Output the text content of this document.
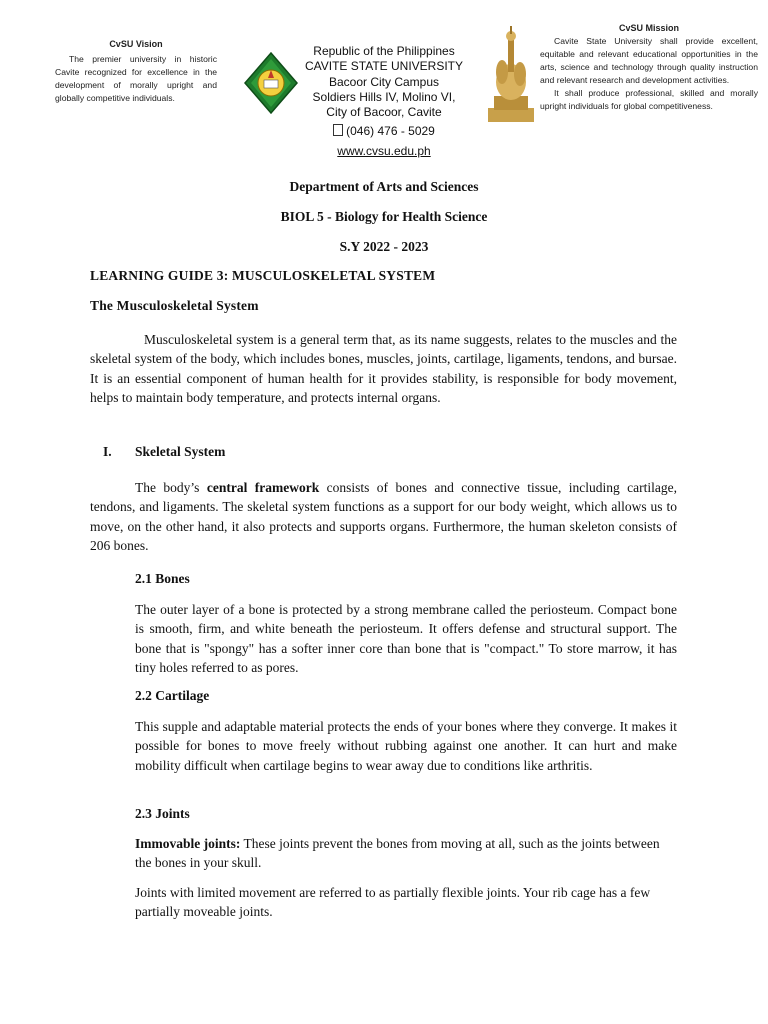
CvSU Vision
The premier university in historic Cavite recognized for excellence in the development of morally upright and globally competitive individuals.
Republic of the Philippines
CAVITE STATE UNIVERSITY
Bacoor City Campus
Soldiers Hills IV, Molino VI,
City of Bacoor, Cavite
(046) 476 - 5029
www.cvsu.edu.ph
CvSU Mission

Cavite State University shall provide excellent, equitable and relevant educational opportunities in the arts, science and technology through quality instruction and relevant research and development activities.

It shall produce professional, skilled and morally upright individuals for global competitiveness.

Department of Arts and Sciences
BIOL 5 - Biology for Health Science
S.Y 2022 - 2023
LEARNING GUIDE 3: MUSCULOSKELETAL SYSTEM
The Musculoskeletal System

Musculoskeletal system is a general term that, as its name suggests, relates to the muscles and the skeletal system of the body, which includes bones, muscles, joints, cartilage, ligaments, tendons, and bursae. It is an essential component of human health for it provides stability, is responsible for body movement, helps to maintain body temperature, and protects internal organs.

I. Skeletal System

The body’s central framework consists of bones and connective tissue, including cartilage, tendons, and ligaments. The skeletal system functions as a support for our body weight, which allows us to move, on the other hand, it also protects and supports organs. Furthermore, the human skeleton consists of 206 bones.

2.1 Bones

The outer layer of a bone is protected by a strong membrane called the periosteum. Compact bone is smooth, firm, and white beneath the periosteum. It offers defense and structural support. The bone that is "spongy" has a softer inner core than bone that is "compact." To store marrow, it has tiny holes referred to as pores.

2.2 Cartilage

This supple and adaptable material protects the ends of your bones where they converge. It makes it possible for bones to move freely without rubbing against one another. It can hurt and make mobility difficult when cartilage begins to wear away due to conditions like arthritis.

2.3 Joints

Immovable joints: These joints prevent the bones from moving at all, such as the joints between the bones in your skull.

Joints with limited movement are referred to as partially flexible joints. Your rib cage has a few partially moveable joints.
